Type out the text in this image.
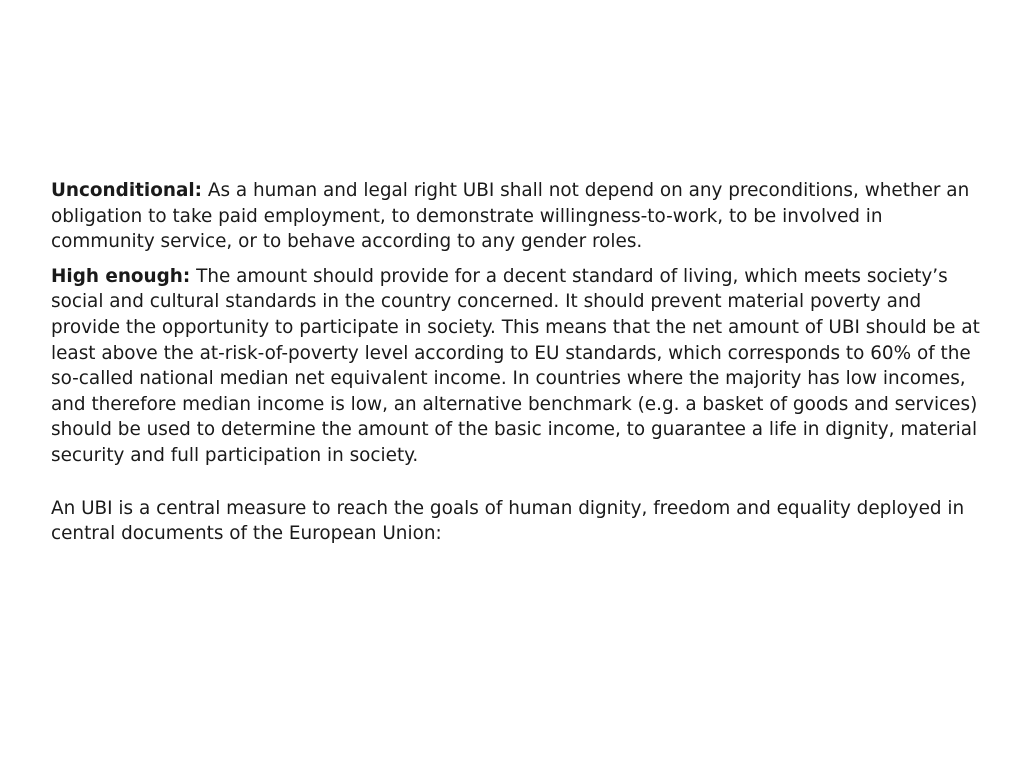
Unconditional: As a human and legal right UBI shall not depend on any preconditions, whether an obligation to take paid employment, to demonstrate willingness-to-work, to be involved in community service, or to behave according to any gender roles.

High enough: The amount should provide for a decent standard of living, which meets society’s social and cultural standards in the country concerned. It should prevent material poverty and provide the opportunity to participate in society. This means that the net amount of UBI should be at least above the at-risk-of-poverty level according to EU standards, which corresponds to 60% of the so-called national median net equivalent income. In countries where the majority has low incomes, and therefore median income is low, an alternative benchmark (e.g. a basket of goods and services) should be used to determine the amount of the basic income, to guarantee a life in dignity, material security and full participation in society.

An UBI is a central measure to reach the goals of human dignity, freedom and equality deployed in central documents of the European Union:
